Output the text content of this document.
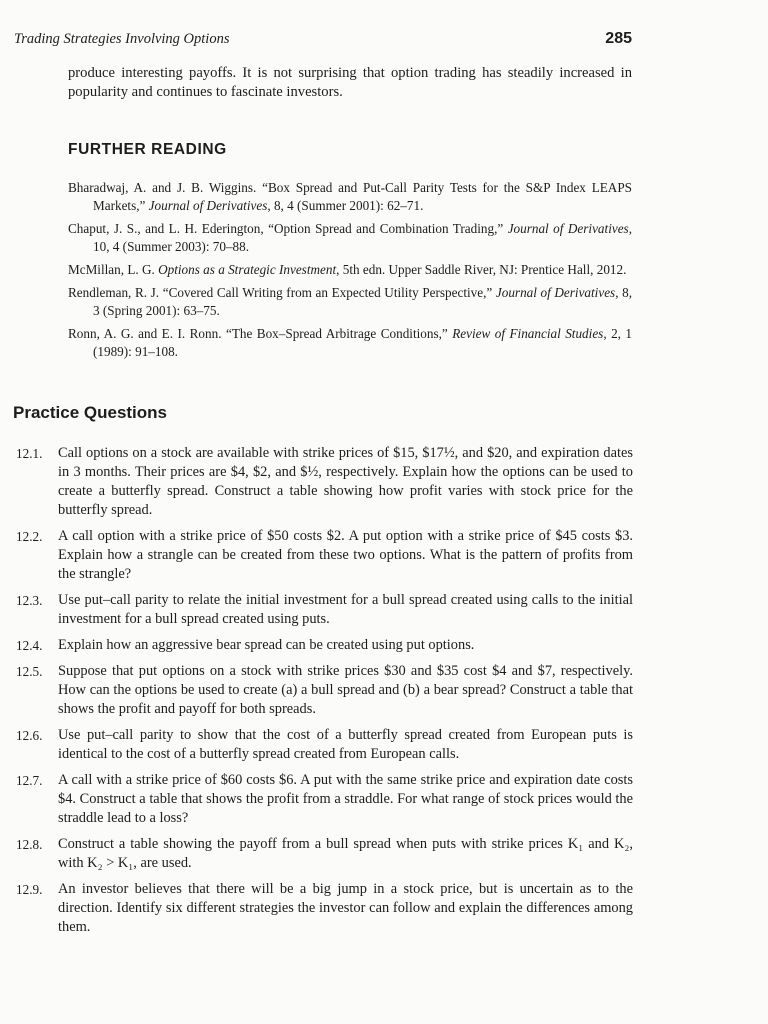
Trading Strategies Involving Options	285

produce interesting payoffs. It is not surprising that option trading has steadily increased in popularity and continues to fascinate investors.

FURTHER READING
Bharadwaj, A. and J. B. Wiggins. “Box Spread and Put-Call Parity Tests for the S&P Index LEAPS Markets,” Journal of Derivatives, 8, 4 (Summer 2001): 62–71.
Chaput, J. S., and L. H. Ederington, “Option Spread and Combination Trading,” Journal of Derivatives, 10, 4 (Summer 2003): 70–88.
McMillan, L. G. Options as a Strategic Investment, 5th edn. Upper Saddle River, NJ: Prentice Hall, 2012.
Rendleman, R. J. “Covered Call Writing from an Expected Utility Perspective,” Journal of Derivatives, 8, 3 (Spring 2001): 63–75.
Ronn, A. G. and E. I. Ronn. “The Box–Spread Arbitrage Conditions,” Review of Financial Studies, 2, 1 (1989): 91–108.
Practice Questions
12.1.	Call options on a stock are available with strike prices of $15, $17½, and $20, and expiration dates in 3 months. Their prices are $4, $2, and $½, respectively. Explain how the options can be used to create a butterfly spread. Construct a table showing how profit varies with stock price for the butterfly spread.
12.2.	A call option with a strike price of $50 costs $2. A put option with a strike price of $45 costs $3. Explain how a strangle can be created from these two options. What is the pattern of profits from the strangle?
12.3.	Use put–call parity to relate the initial investment for a bull spread created using calls to the initial investment for a bull spread created using puts.
12.4.	Explain how an aggressive bear spread can be created using put options.
12.5.	Suppose that put options on a stock with strike prices $30 and $35 cost $4 and $7, respectively. How can the options be used to create (a) a bull spread and (b) a bear spread? Construct a table that shows the profit and payoff for both spreads.
12.6.	Use put–call parity to show that the cost of a butterfly spread created from European puts is identical to the cost of a butterfly spread created from European calls.
12.7.	A call with a strike price of $60 costs $6. A put with the same strike price and expiration date costs $4. Construct a table that shows the profit from a straddle. For what range of stock prices would the straddle lead to a loss?
12.8.	Construct a table showing the payoff from a bull spread when puts with strike prices K₁ and K₂, with K₂ > K₁, are used.
12.9.	An investor believes that there will be a big jump in a stock price, but is uncertain as to the direction. Identify six different strategies the investor can follow and explain the differences among them.
